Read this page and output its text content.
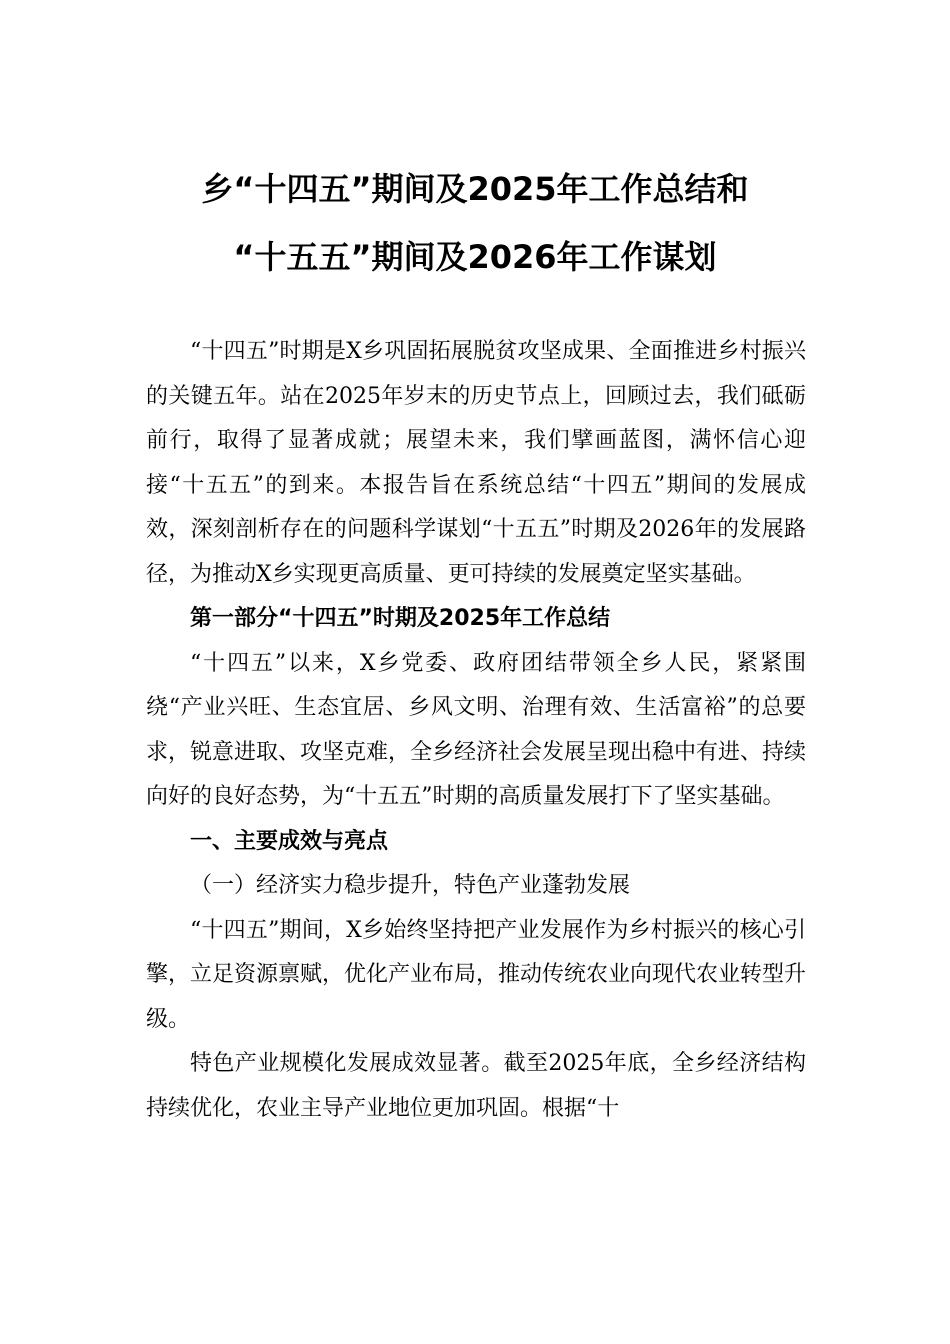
乡“十四五”期间及2025年工作总结和
“十五五”期间及2026年工作谋划

“十四五”时期是X乡巩固拓展脱贫攻坚成果、全面推进乡村振兴的关键五年。站在2025年岁末的历史节点上，回顾过去，我们砥砺前行，取得了显著成就；展望未来，我们擘画蓝图，满怀信心迎接“十五五”的到来。本报告旨在系统总结“十四五”期间的发展成效，深刻剖析存在的问题科学谋划“十五五”时期及2026年的发展路径，为推动X乡实现更高质量、更可持续的发展奠定坚实基础。

第一部分“十四五”时期及2025年工作总结

“十四五”以来，X乡党委、政府团结带领全乡人民，紧紧围绕“产业兴旺、生态宜居、乡风文明、治理有效、生活富裕”的总要求，锐意进取、攻坚克难，全乡经济社会发展呈现出稳中有进、持续向好的良好态势，为“十五五”时期的高质量发展打下了坚实基础。

一、主要成效与亮点
（一）经济实力稳步提升，特色产业蓬勃发展

“十四五”期间，X乡始终坚持把产业发展作为乡村振兴的核心引擎，立足资源禀赋，优化产业布局，推动传统农业向现代农业转型升级。

特色产业规模化发展成效显著。截至2025年底，全乡经济结构持续优化，农业主导产业地位更加巩固。根据“十
